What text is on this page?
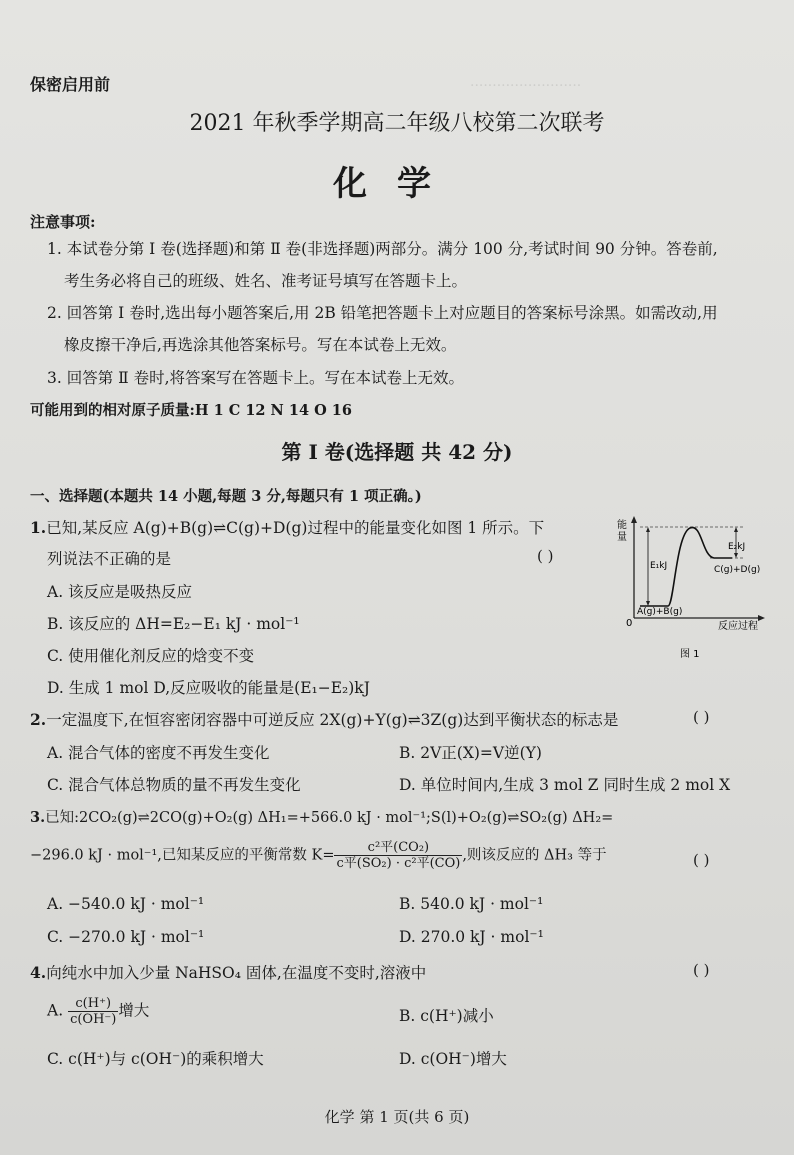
·························
保密启用前
2021 年秋季学期高二年级八校第二次联考
化学
注意事项:
1. 本试卷分第 Ⅰ 卷(选择题)和第 Ⅱ 卷(非选择题)两部分。满分 100 分,考试时间 90 分钟。答卷前,
考生务必将自己的班级、姓名、准考证号填写在答题卡上。
2. 回答第 Ⅰ 卷时,选出每小题答案后,用 2B 铅笔把答题卡上对应题目的答案标号涂黑。如需改动,用
橡皮擦干净后,再选涂其他答案标号。写在本试卷上无效。
3. 回答第 Ⅱ 卷时,将答案写在答题卡上。写在本试卷上无效。
可能用到的相对原子质量:H 1 C 12 N 14 O 16
第 Ⅰ 卷(选择题 共 42 分)
一、选择题(本题共 14 小题,每题 3 分,每题只有 1 项正确。)
1.已知,某反应 A(g)+B(g)⇌C(g)+D(g)过程中的能量变化如图 1 所示。下
列说法不正确的是	( )
A. 该反应是吸热反应
B. 该反应的 ΔH=E₂−E₁ kJ · mol⁻¹
C. 使用催化剂反应的焓变不变
D. 生成 1 mol D,反应吸收的能量是(E₁−E₂)kJ
能
量
E₁kJ
E₂kJ
C(g)+D(g)
A(g)+B(g)
0	反应过程
图 1
2.一定温度下,在恒容密闭容器中可逆反应 2X(g)+Y(g)⇌3Z(g)达到平衡状态的标志是	( )
A. 混合气体的密度不再发生变化	B. 2V正(X)=V逆(Y)
C. 混合气体总物质的量不再发生变化	D. 单位时间内,生成 3 mol Z 同时生成 2 mol X
3.已知:2CO₂(g)⇌2CO(g)+O₂(g) ΔH₁=+566.0 kJ · mol⁻¹;S(l)+O₂(g)⇌SO₂(g) ΔH₂=
−296.0 kJ · mol⁻¹,已知某反应的平衡常数 $K= \frac{\text{c²平(CO₂)}}{\text{c平(SO₂) · c²平(CO)}}$ ,则该反应的 ΔH₃ 等于	( )
A. −540.0 kJ · mol⁻¹	B. 540.0 kJ · mol⁻¹
C. −270.0 kJ · mol⁻¹	D. 270.0 kJ · mol⁻¹
4.向纯水中加入少量 NaHSO₄ 固体,在温度不变时,溶液中	( )
A. $\frac{c(H^+)}{c(OH^-)}$ 增大	B. c(H⁺)减小
C. c(H⁺)与 c(OH⁻)的乘积增大	D. c(OH⁻)增大
化学 第 1 页(共 6 页)
